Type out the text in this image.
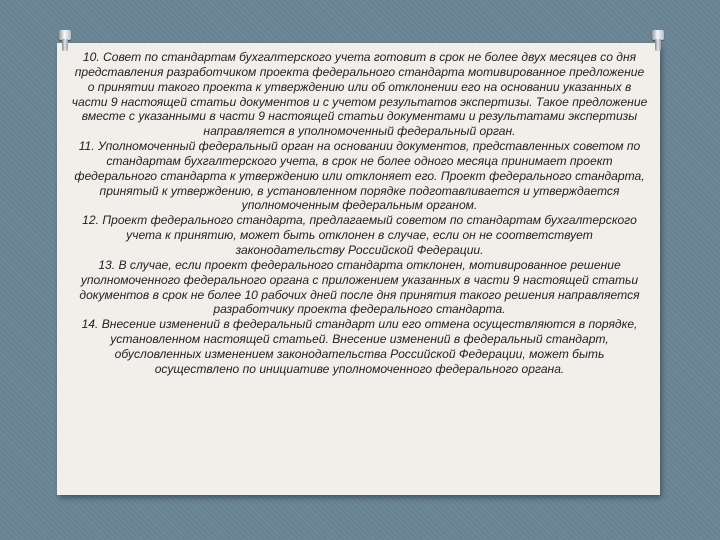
10. Совет по стандартам бухгалтерского учета готовит в срок не более двух месяцев со дня представления разработчиком проекта федерального стандарта мотивированное предложение о принятии такого проекта к утверждению или об отклонении его на основании указанных в части 9 настоящей статьи документов и с учетом результатов экспертизы. Такое предложение вместе с указанными в части 9 настоящей статьи документами и результатами экспертизы направляется в уполномоченный федеральный орган.

11. Уполномоченный федеральный орган на основании документов, представленных советом по стандартам бухгалтерского учета, в срок не более одного месяца принимает проект федерального стандарта к утверждению или отклоняет его. Проект федерального стандарта, принятый к утверждению, в установленном порядке подготавливается и утверждается уполномоченным федеральным органом.

12. Проект федерального стандарта, предлагаемый советом по стандартам бухгалтерского учета к принятию, может быть отклонен в случае, если он не соответствует законодательству Российской Федерации.

13. В случае, если проект федерального стандарта отклонен, мотивированное решение уполномоченного федерального органа с приложением указанных в части 9 настоящей статьи документов в срок не более 10 рабочих дней после дня принятия такого решения направляется разработчику проекта федерального стандарта.

14. Внесение изменений в федеральный стандарт или его отмена осуществляются в порядке, установленном настоящей статьей. Внесение изменений в федеральный стандарт, обусловленных изменением законодательства Российской Федерации, может быть осуществлено по инициативе уполномоченного федерального органа.
